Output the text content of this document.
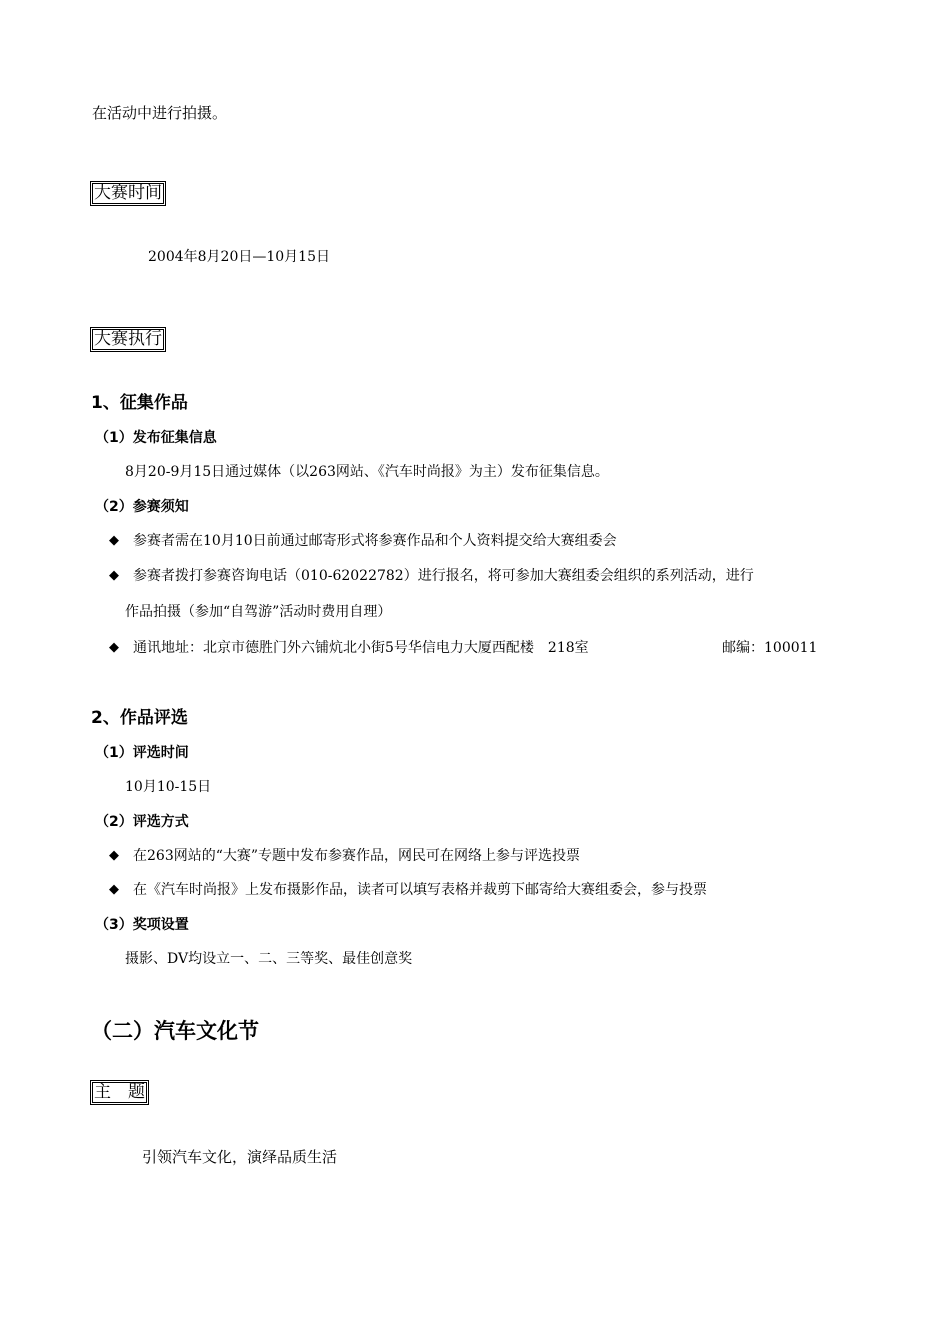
在活动中进行拍摄。
大赛时间
2004年8月20日—10月15日
大赛执行
1、征集作品
（1）发布征集信息
8月20-9月15日通过媒体（以263网站、《汽车时尚报》为主）发布征集信息。
（2）参赛须知
◆ 参赛者需在10月10日前通过邮寄形式将参赛作品和个人资料提交给大赛组委会
◆ 参赛者拨打参赛咨询电话（010-62022782）进行报名，将可参加大赛组委会组织的系列活动，进行
作品拍摄（参加“自驾游”活动时费用自理）
◆ 通讯地址：北京市德胜门外六铺炕北小街5号华信电力大厦西配楼　218室	邮编：100011
2、作品评选
（1）评选时间
10月10-15日
（2）评选方式
◆ 在263网站的“大赛”专题中发布参赛作品，网民可在网络上参与评选投票
◆ 在《汽车时尚报》上发布摄影作品，读者可以填写表格并裁剪下邮寄给大赛组委会，参与投票
（3）奖项设置
摄影、DV均设立一、二、三等奖、最佳创意奖
（二）汽车文化节
主　题
引领汽车文化，演绎品质生活
